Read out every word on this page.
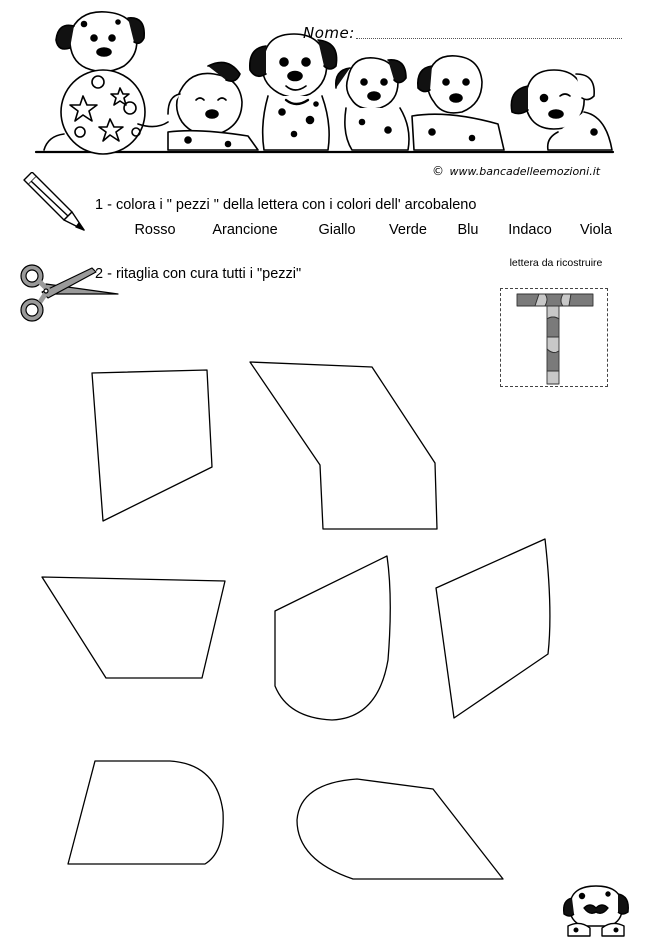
Nome:
© www.bancadelleemozioni.it
1 - colora i " pezzi " della lettera con i colori dell' arcobaleno
Rosso	Arancione	Giallo Verde Blu Indaco Viola
2 - ritaglia con cura tutti i "pezzi"
lettera da ricostruire
